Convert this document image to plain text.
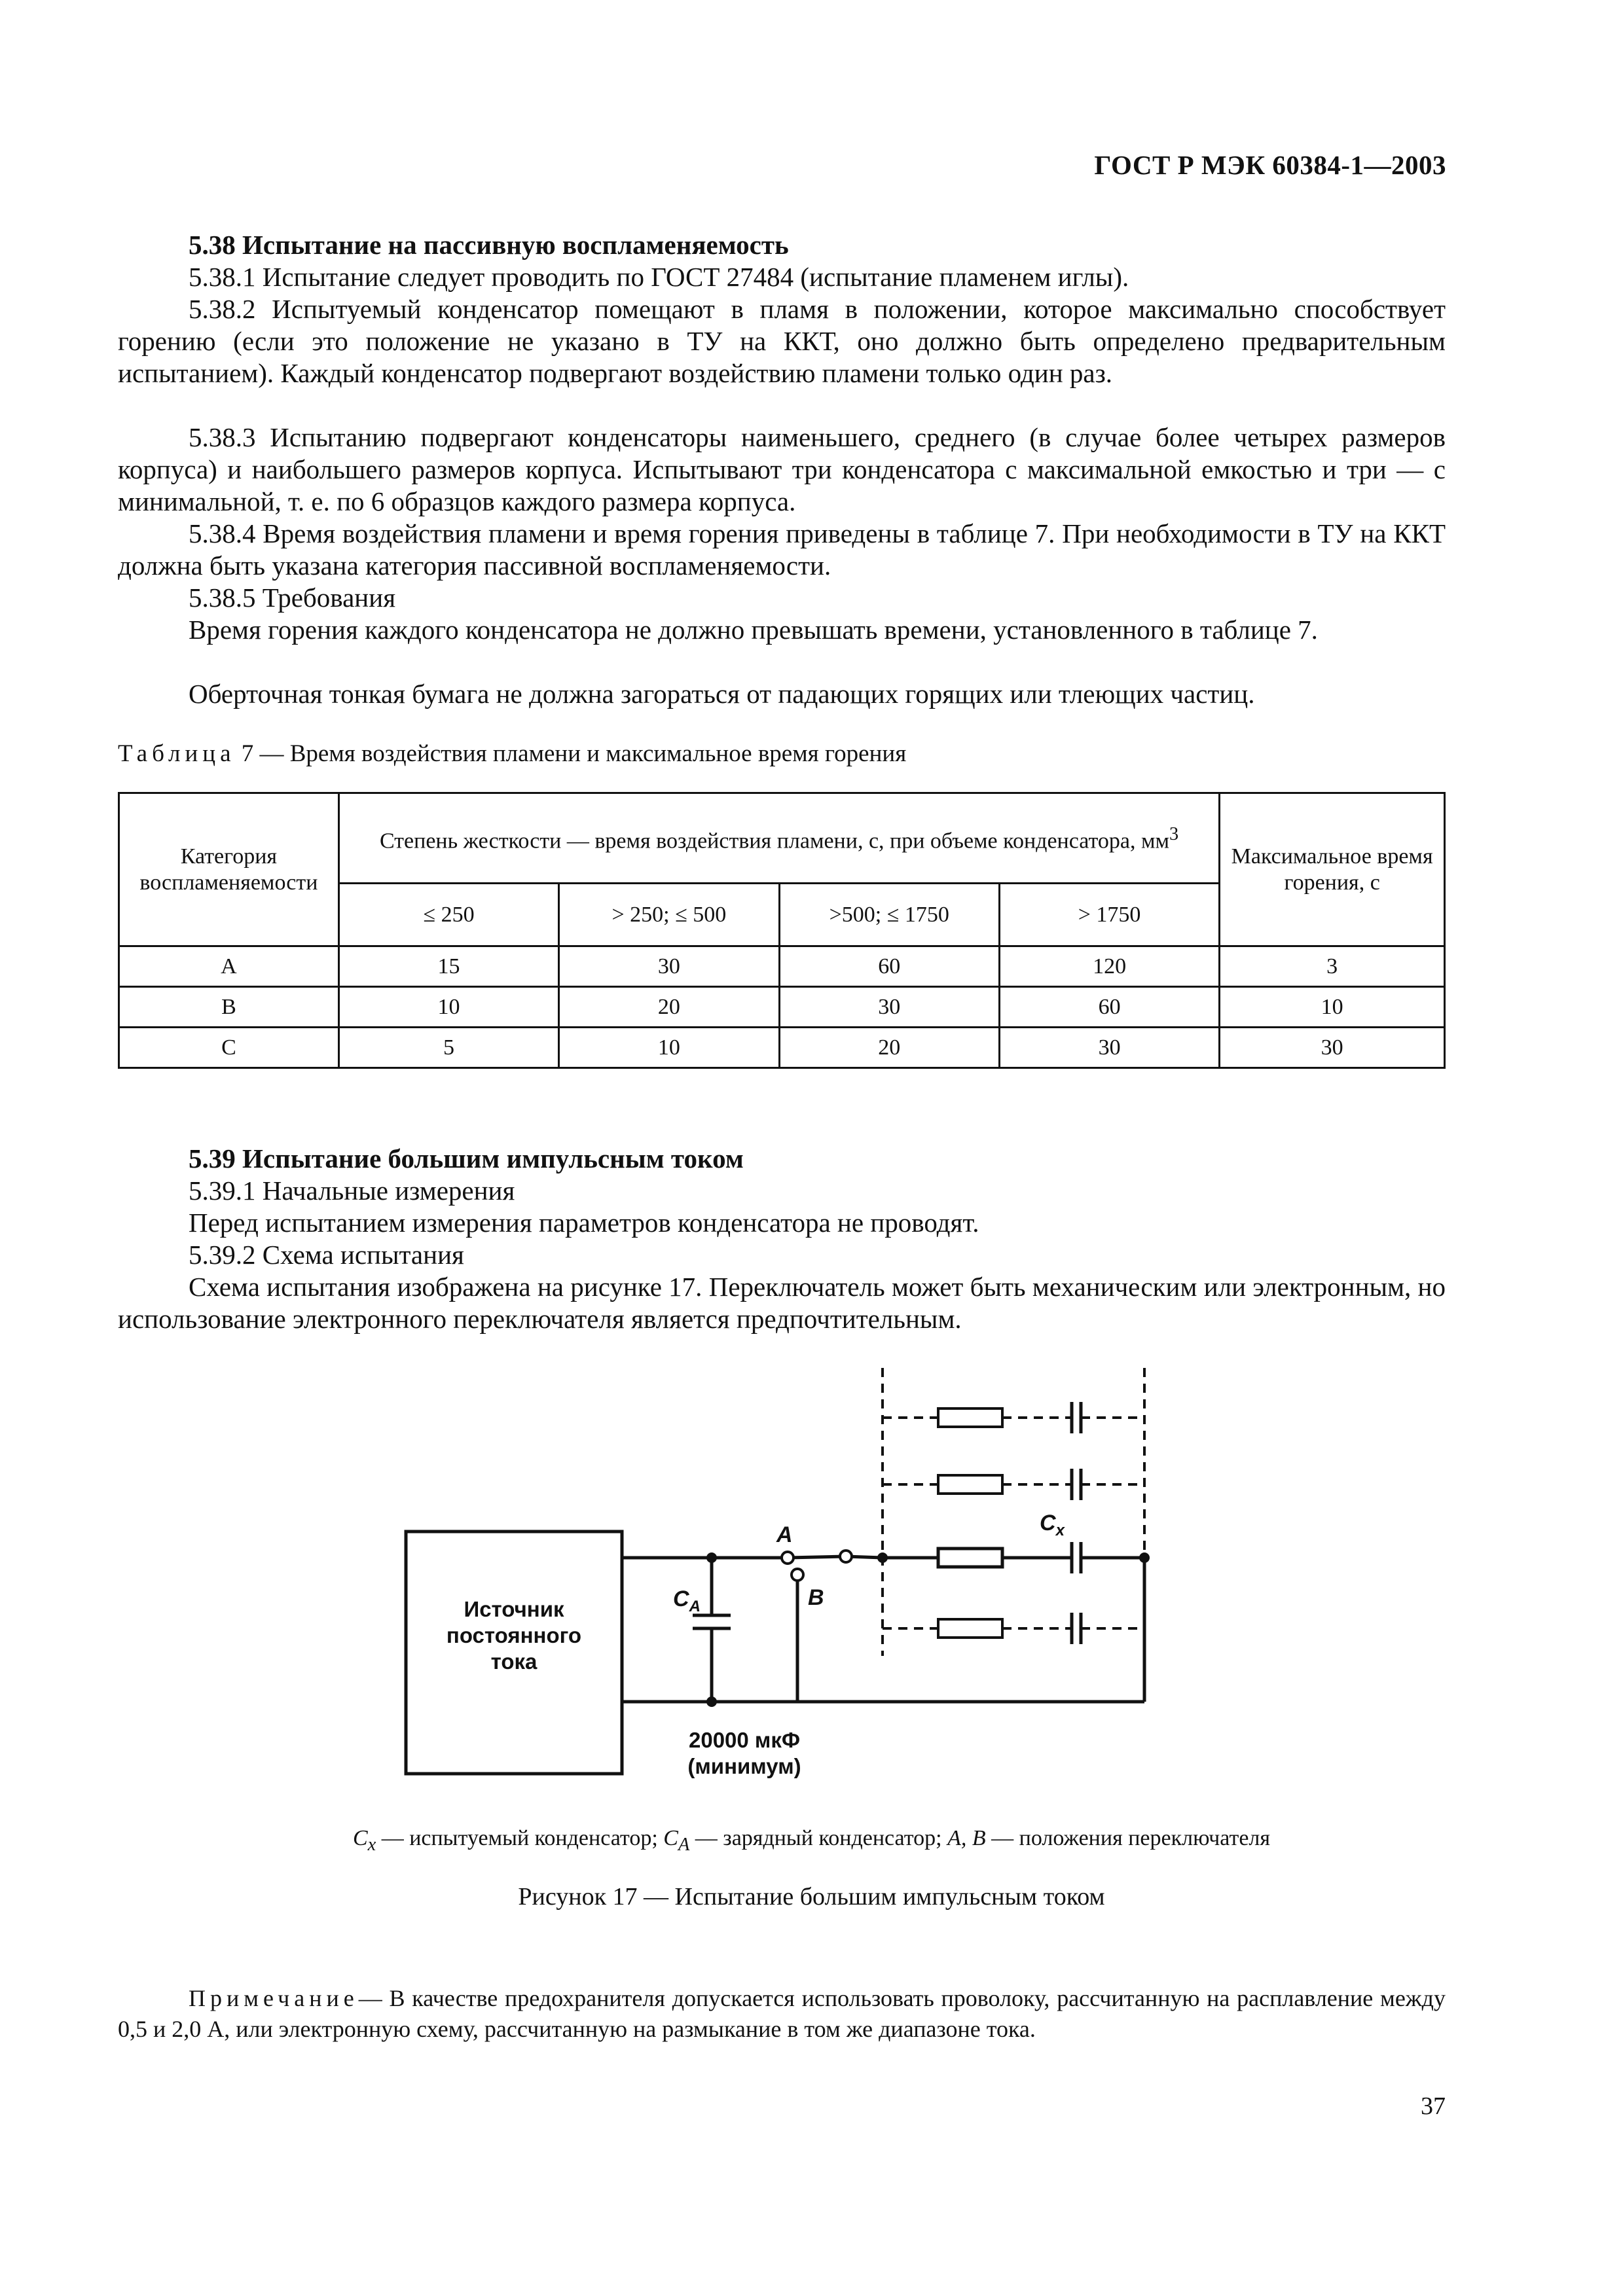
ГОСТ Р МЭК 60384-1—2003
5.38 Испытание на пассивную воспламеняемость
5.38.1 Испытание следует проводить по ГОСТ 27484 (испытание пламенем иглы).
5.38.2 Испытуемый конденсатор помещают в пламя в положении, которое максимально способствует горению (если это положение не указано в ТУ на ККТ, оно должно быть определено предварительным испытанием). Каждый конденсатор подвергают воздействию пламени только один раз.
5.38.3 Испытанию подвергают конденсаторы наименьшего, среднего (в случае более четырех размеров корпуса) и наибольшего размеров корпуса. Испытывают три конденсатора с максимальной емкостью и три — с минимальной, т. е. по 6 образцов каждого размера корпуса.
5.38.4 Время воздействия пламени и время горения приведены в таблице 7. При необходимости в ТУ на ККТ должна быть указана категория пассивной воспламеняемости.
5.38.5 Требования
Время горения каждого конденсатора не должно превышать времени, установленного в таблице 7.
Оберточная тонкая бумага не должна загораться от падающих горящих или тлеющих частиц.
Таблица 7 — Время воздействия пламени и максимальное время горения
Категория воспламеняемости	Степень жесткости — время воздействия пламени, с, при объеме конденсатора, $мм^3$				Максимальное время горения, с
	≤ 250	> 250; ≤ 500	>500; ≤ 1750	> 1750	
A	15	30	60	120	3
B	10	20	30	60	10
C	5	10	20	30	30
5.39 Испытание большим импульсным током
5.39.1 Начальные измерения
Перед испытанием измерения параметров конденсатора не проводят.
5.39.2 Схема испытания
Схема испытания изображена на рисунке 17. Переключатель может быть механическим или электронным, но использование электронного переключателя является предпочтительным.
Источник
постоянного
тока
20000 мкФ
(минимум)
$C_A$
$C_x$
A
B
$C_x$ — испытуемый конденсатор; $C_A$ — зарядный конденсатор; A, B — положения переключателя
Рисунок 17 — Испытание большим импульсным током
Примечание— В качестве предохранителя допускается использовать проволоку, рассчитанную на расплавление между 0,5 и 2,0 А, или электронную схему, рассчитанную на размыкание в том же диапазоне тока.
37
